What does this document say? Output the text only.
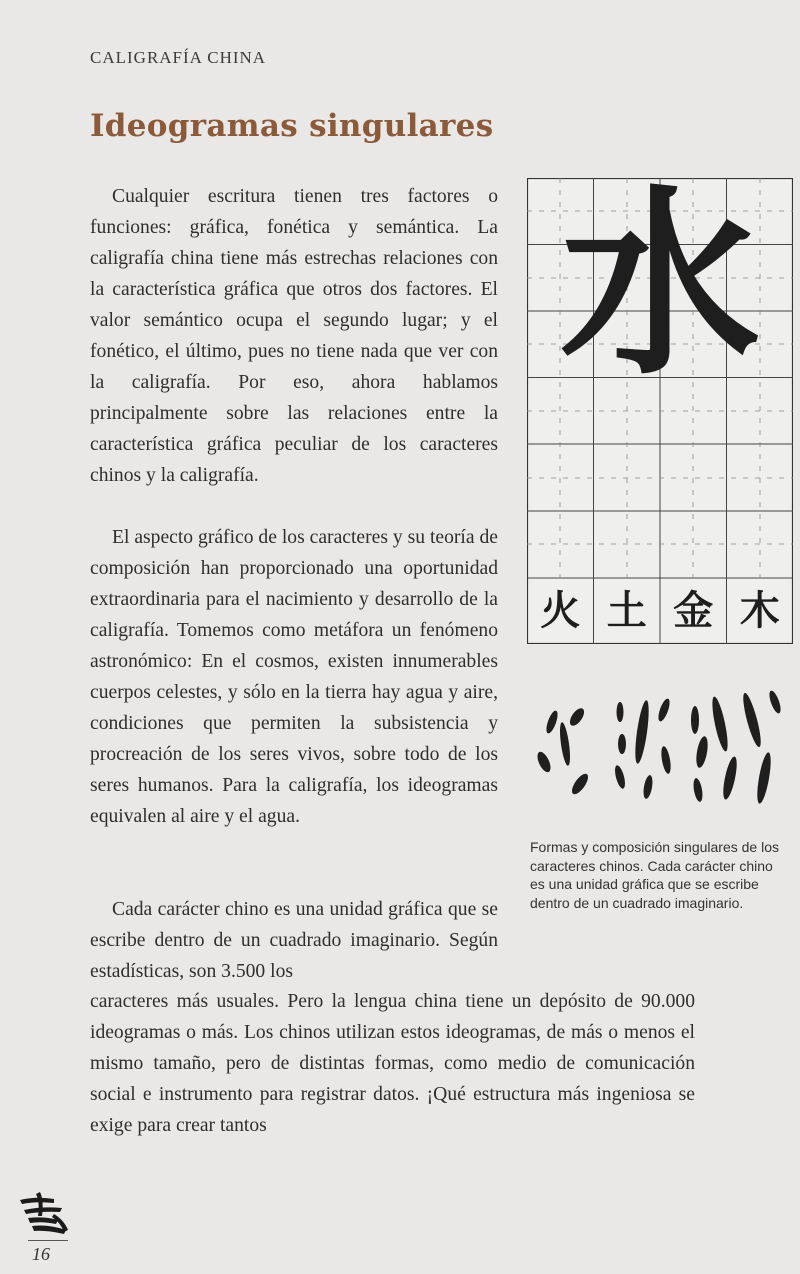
CALIGRAFÍA CHINA
Ideogramas singulares

Cualquier escritura tienen tres factores o funciones: gráfica, fonética y semántica. La caligrafía china tiene más estrechas relaciones con la característica gráfica que otros dos factores. El valor semántico ocupa el segundo lugar; y el fonético, el último, pues no tiene nada que ver con la caligrafía. Por eso, ahora hablamos principalmente sobre las relaciones entre la característica gráfica peculiar de los caracteres chinos y la caligrafía.

El aspecto gráfico de los caracteres y su teoría de composición han proporcionado una oportunidad extraordinaria para el nacimiento y desarrollo de la caligrafía. Tomemos como metáfora un fenómeno astronómico: En el cosmos, existen innumerables cuerpos celestes, y sólo en la tierra hay agua y aire, condiciones que permiten la subsistencia y procreación de los seres vivos, sobre todo de los seres humanos. Para la caligrafía, los ideogramas equivalen al aire y el agua.

Cada carácter chino es una unidad gráfica que se escribe dentro de un cuadrado imaginario. Según estadísticas, son 3.500 los

caracteres más usuales. Pero la lengua china tiene un depósito de 90.000 ideogramas o más. Los chinos utilizan estos ideogramas, de más o menos el mismo tamaño, pero de distintas formas, como medio de comunicación social e instrumento para registrar datos. ¡Qué estructura más ingeniosa se exige para crear tantos

水
火 土 金 木
Formas y composición singulares de los caracteres chinos. Cada carácter chino es una unidad gráfica que se escribe dentro de un cuadrado imaginario.
16
